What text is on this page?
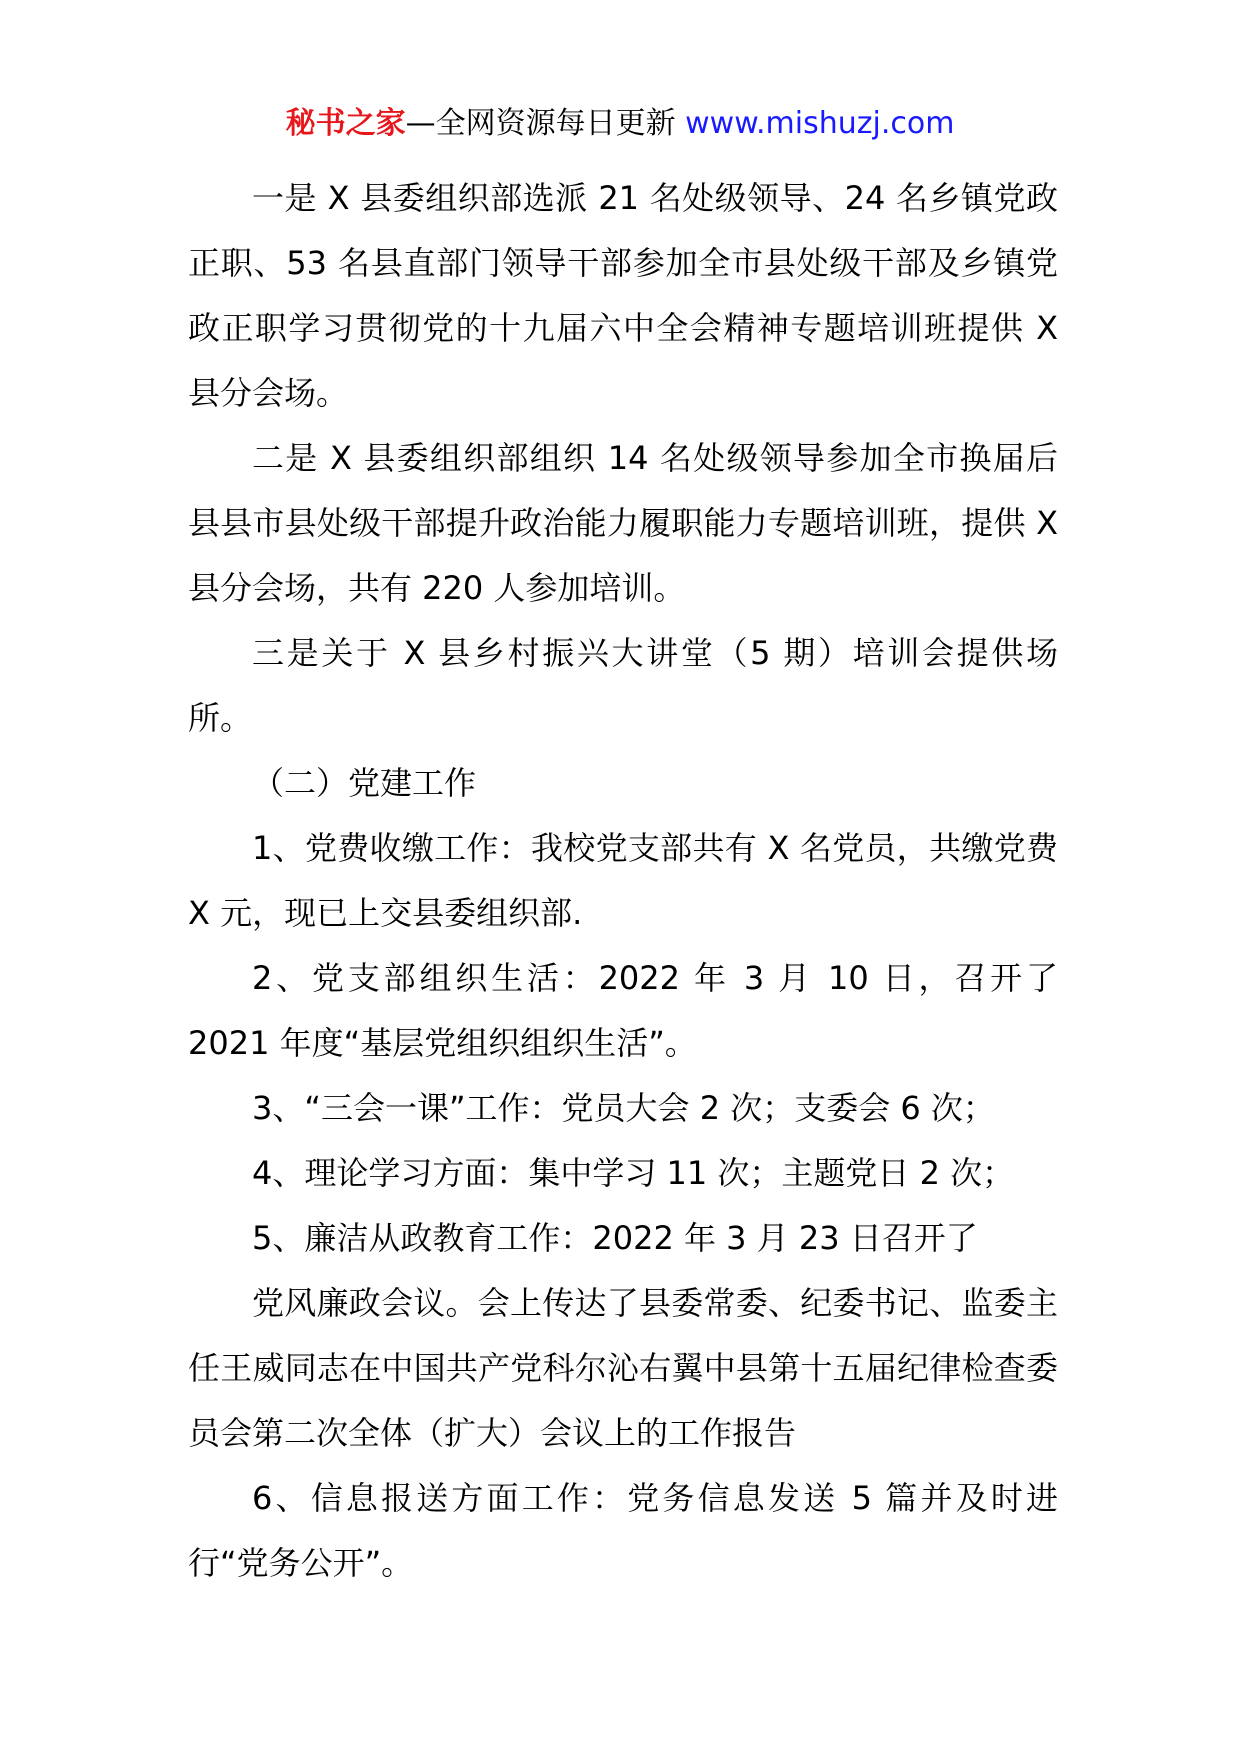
秘书之家—全网资源每日更新 www.mishuzj.com

一是 X 县委组织部选派 21 名处级领导、24 名乡镇党政正职、53 名县直部门领导干部参加全市县处级干部及乡镇党政正职学习贯彻党的十九届六中全会精神专题培训班提供 X 县分会场。

二是 X 县委组织部组织 14 名处级领导参加全市换届后县县市县处级干部提升政治能力履职能力专题培训班，提供 X 县分会场，共有 220 人参加培训。

三是关于 X 县乡村振兴大讲堂（5 期）培训会提供场所。

（二）党建工作

1、党费收缴工作：我校党支部共有 X 名党员，共缴党费 X 元，现已上交县委组织部.

2、党支部组织生活：2022 年 3 月 10 日，召开了2021 年度“基层党组织组织生活”。

3、“三会一课”工作：党员大会 2 次；支委会 6 次；

4、理论学习方面：集中学习 11 次；主题党日 2 次；

5、廉洁从政教育工作：2022 年 3 月 23 日召开了

党风廉政会议。会上传达了县委常委、纪委书记、监委主任王威同志在中国共产党科尔沁右翼中县第十五届纪律检查委员会第二次全体（扩大）会议上的工作报告

6、信息报送方面工作：党务信息发送 5 篇并及时进行“党务公开”。
